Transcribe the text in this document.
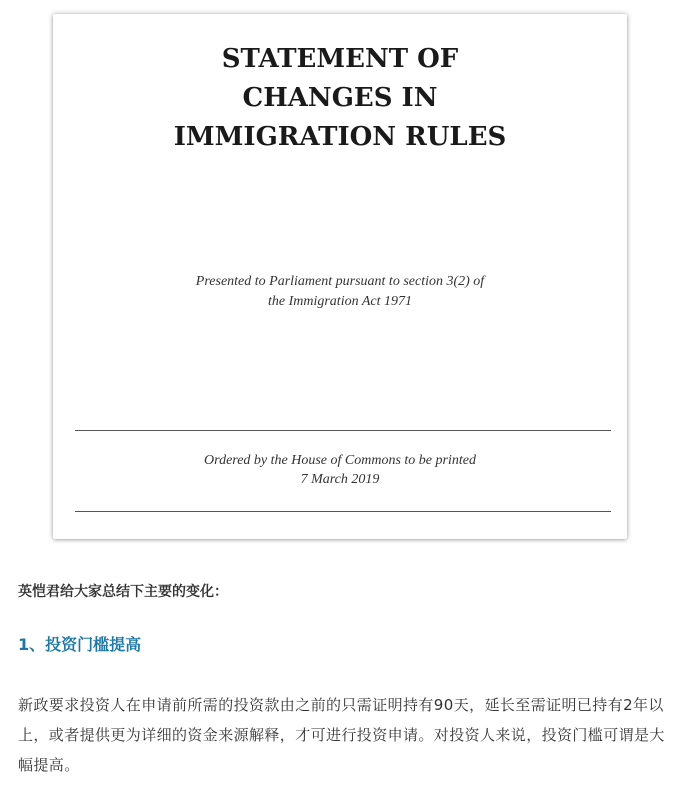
STATEMENT OF
CHANGES IN
IMMIGRATION RULES
Presented to Parliament pursuant to section 3(2) of
the Immigration Act 1971
Ordered by the House of Commons to be printed
7 March 2019
英恺君给大家总结下主要的变化：
1、投资门槛提高
新政要求投资人在申请前所需的投资款由之前的只需证明持有90天，延长至需证明已持有2年以上，或者提供更为详细的资金来源解释，才可进行投资申请。对投资人来说，投资门槛可谓是大幅提高。
